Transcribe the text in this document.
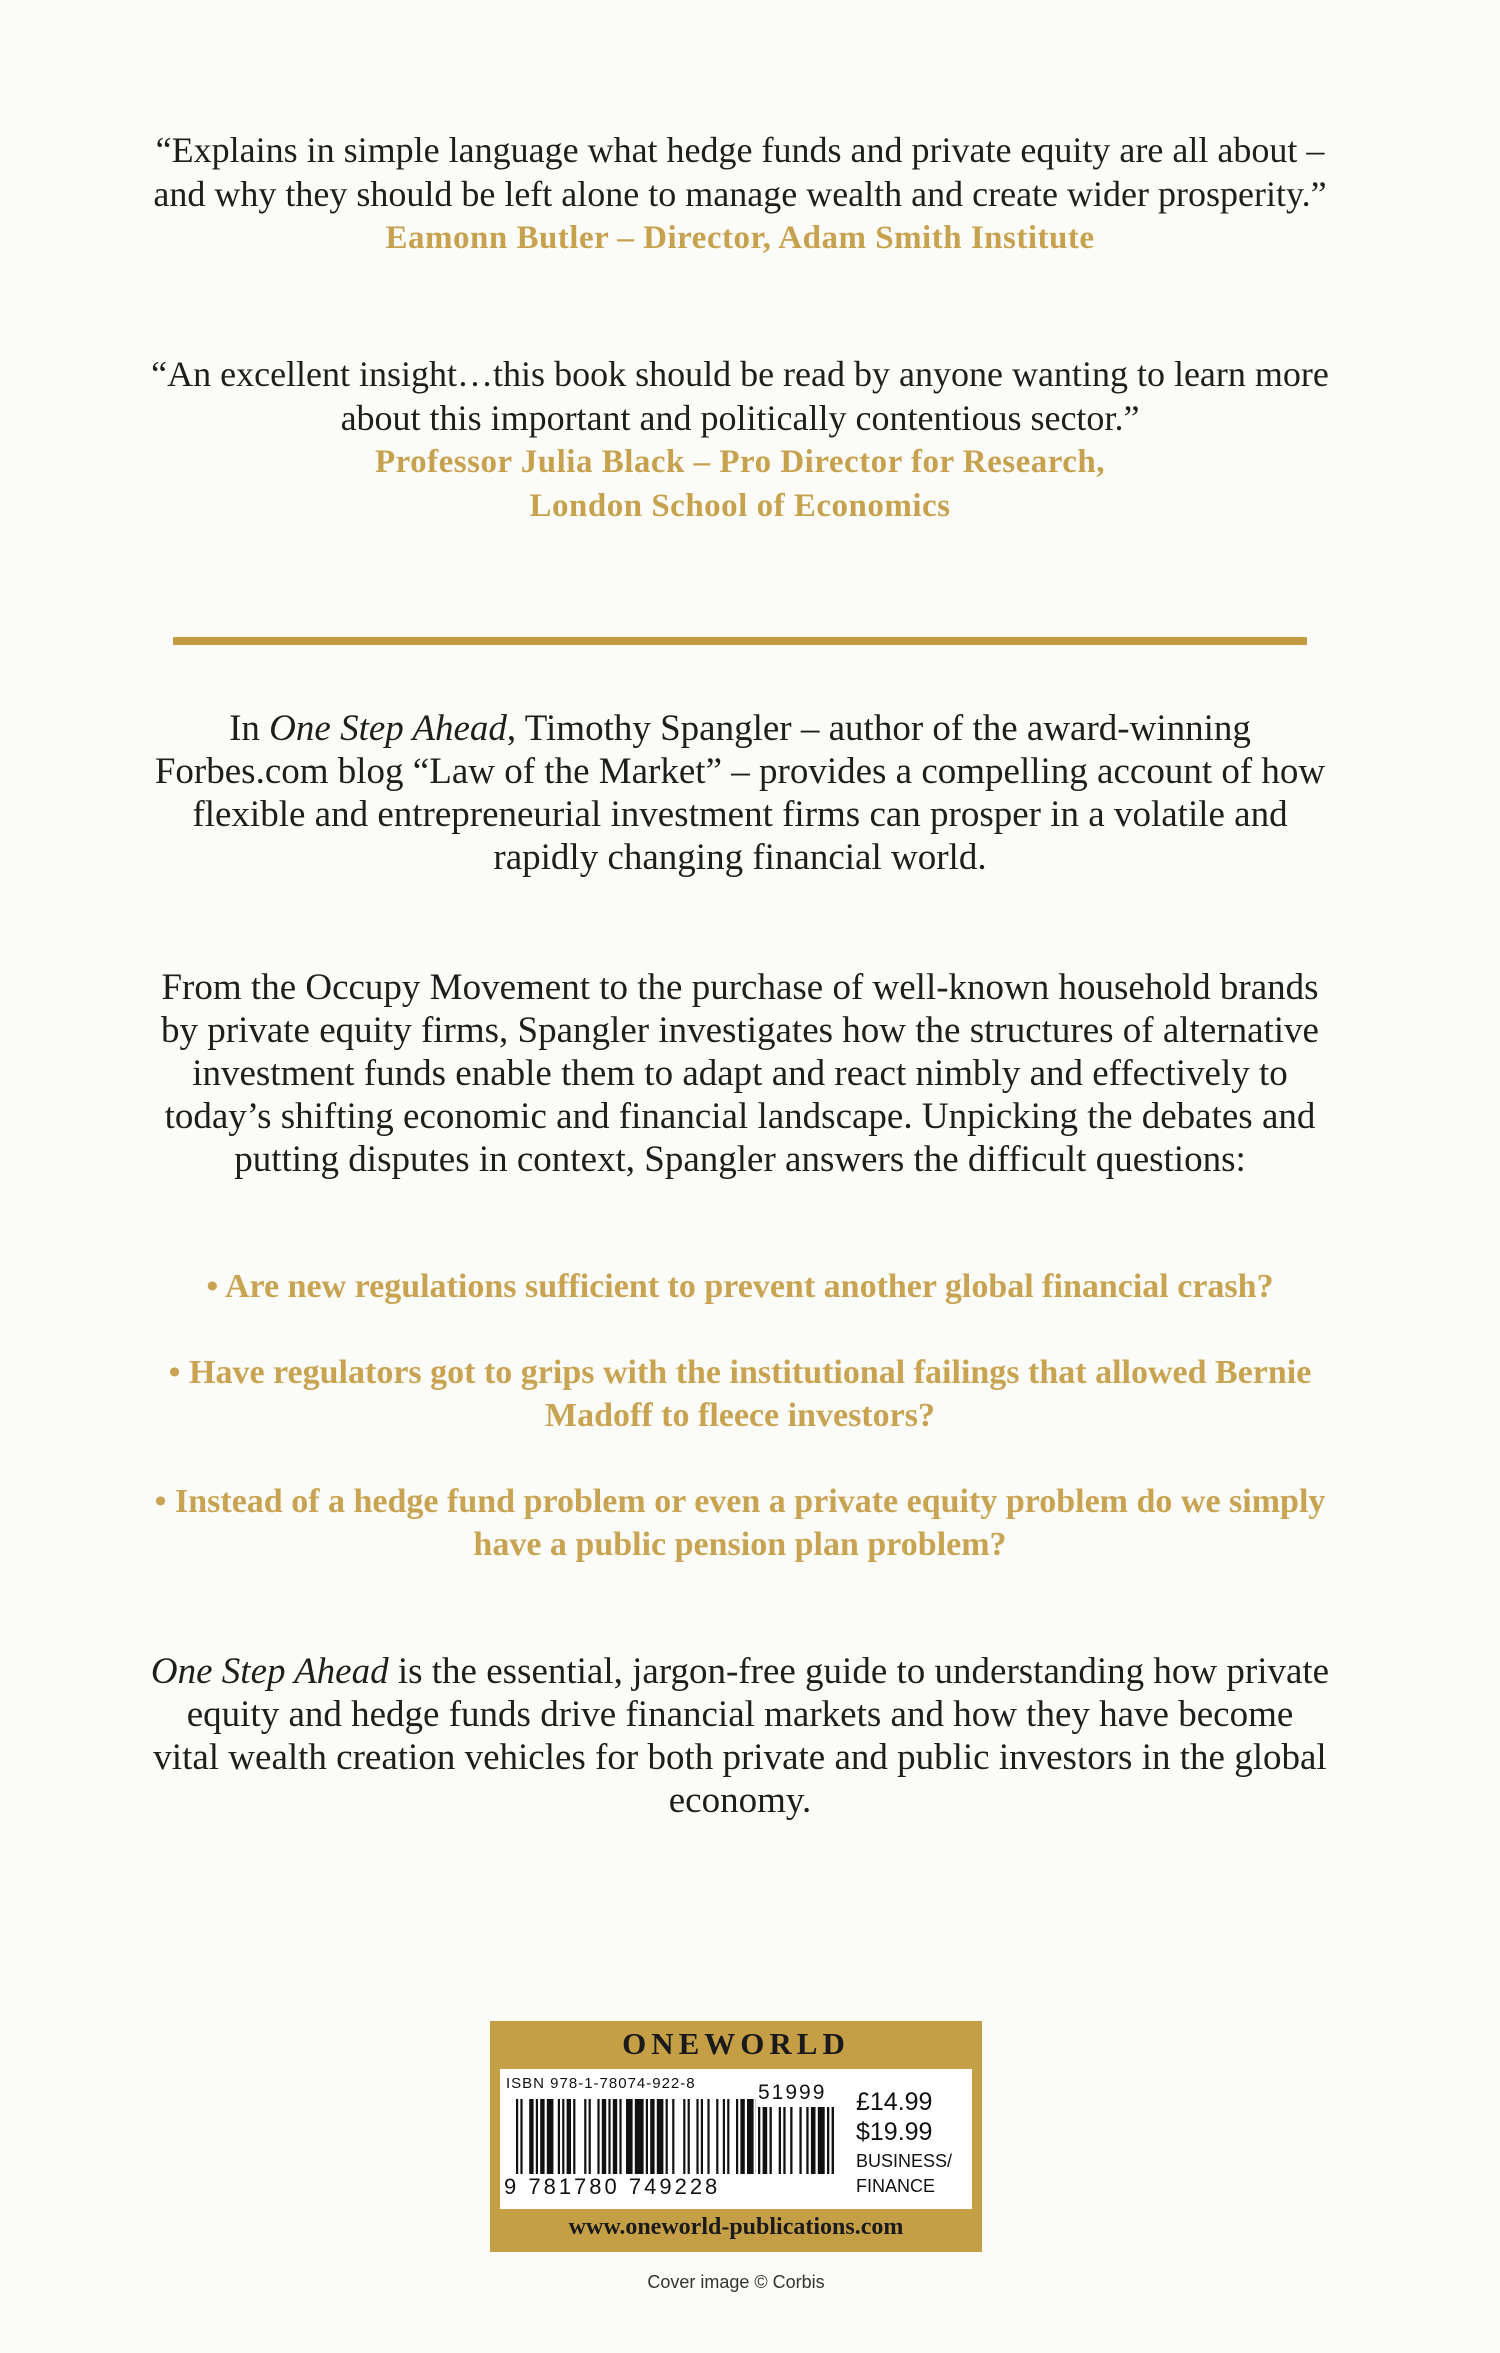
“Explains in simple language what hedge funds and private equity are all about – and why they should be left alone to manage wealth and create wider prosperity.”
Eamonn Butler – Director, Adam Smith Institute
“An excellent insight…this book should be read by anyone wanting to learn more about this important and politically contentious sector.”
Professor Julia Black – Pro Director for Research,
London School of Economics
In One Step Ahead, Timothy Spangler – author of the award-winning Forbes.com blog “Law of the Market” – provides a compelling account of how flexible and entrepreneurial investment firms can prosper in a volatile and rapidly changing financial world.
From the Occupy Movement to the purchase of well-known household brands by private equity firms, Spangler investigates how the structures of alternative investment funds enable them to adapt and react nimbly and effectively to today’s shifting economic and financial landscape. Unpicking the debates and putting disputes in context, Spangler answers the difficult questions:
• Are new regulations sufficient to prevent another global financial crash?
• Have regulators got to grips with the institutional failings that allowed Bernie Madoff to fleece investors?
• Instead of a hedge fund problem or even a private equity problem do we simply have a public pension plan problem?
One Step Ahead is the essential, jargon-free guide to understanding how private equity and hedge funds drive financial markets and how they have become vital wealth creation vehicles for both private and public investors in the global economy.
ONEWORLD
ISBN 978-1-78074-922-8	51999
9 781780 749228
£14.99
$19.99
BUSINESS/
FINANCE
www.oneworld-publications.com
Cover image © Corbis
